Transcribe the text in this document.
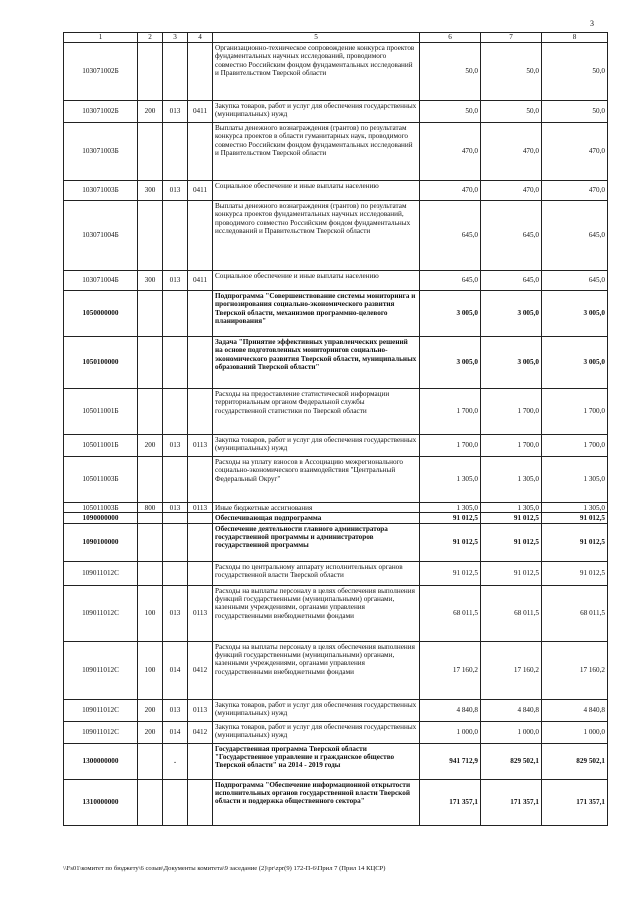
3
1	2	3	4	5	6	7	8
103071002Б				Организационно-техническое сопровождение конкурса проектов фундаментальных научных исследований, проводимого совместно Российским фондом фундаментальных исследований и Правительством Тверской области	50,0	50,0	50,0
103071002Б	200	013	0411	Закупка товаров, работ и услуг для обеспечения государственных (муниципальных) нужд	50,0	50,0	50,0
103071003Б				Выплаты денежного вознаграждения (грантов) по результатам конкурса проектов в области гуманитарных наук, проводимого совместно Российским фондом фундаментальных исследований и Правительством Тверской области	470,0	470,0	470,0
103071003Б	300	013	0411	Социальное обеспечение и иные выплаты населению	470,0	470,0	470,0
103071004Б				Выплаты денежного вознаграждения (грантов) по результатам конкурса проектов фундаментальных научных исследований, проводимого совместно Российским фондом фундаментальных исследований и Правительством Тверской области	645,0	645,0	645,0
103071004Б	300	013	0411	Социальное обеспечение и иные выплаты населению	645,0	645,0	645,0
1050000000				Подпрограмма "Совершенствование системы мониторинга и прогнозирования социально-экономического развития Тверской области, механизмов программно-целевого планирования"	3 005,0	3 005,0	3 005,0
1050100000				Задача "Принятие эффективных управленческих решений на основе подготовленных мониторингов социально-экономического развития Тверской области, муниципальных образований Тверской области"	3 005,0	3 005,0	3 005,0
105011001Б				Расходы на предоставление статистической информации территориальным органом Федеральной службы государственной статистики по Тверской области	1 700,0	1 700,0	1 700,0
105011001Б	200	013	0113	Закупка товаров, работ и услуг для обеспечения государственных (муниципальных) нужд	1 700,0	1 700,0	1 700,0
105011003Б				Расходы на уплату взносов в Ассоциацию межрегионального социально-экономического взаимодействия "Центральный Федеральный Округ"	1 305,0	1 305,0	1 305,0
105011003Б	800	013	0113	Иные бюджетные ассигнования	1 305,0	1 305,0	1 305,0
1090000000				Обеспечивающая подпрограмма	91 012,5	91 012,5	91 012,5
1090100000				Обеспечение деятельности главного администратора государственной программы и администраторов государственной программы	91 012,5	91 012,5	91 012,5
109011012С				Расходы по центральному аппарату исполнительных органов государственной власти Тверской области	91 012,5	91 012,5	91 012,5
109011012С	100	013	0113	Расходы на выплаты персоналу в целях обеспечения выполнения функций государственными (муниципальными) органами, казенными учреждениями, органами управления государственными внебюджетными фондами	68 011,5	68 011,5	68 011,5
109011012С	100	014	0412	Расходы на выплаты персоналу в целях обеспечения выполнения функций государственными (муниципальными) органами, казенными учреждениями, органами управления государственными внебюджетными фондами	17 160,2	17 160,2	17 160,2
109011012С	200	013	0113	Закупка товаров, работ и услуг для обеспечения государственных (муниципальных) нужд	4 840,8	4 840,8	4 840,8
109011012С	200	014	0412	Закупка товаров, работ и услуг для обеспечения государственных (муниципальных) нужд	1 000,0	1 000,0	1 000,0
1300000000		.		Государственная программа Тверской области "Государственное управление и гражданское общество Тверской области" на 2014 - 2019 годы	941 712,9	829 502,1	829 502,1
1310000000				Подпрограмма "Обеспечение информационной открытости исполнительных органов государственной власти Тверской области и поддержка общественного сектора"	171 357,1	171 357,1	171 357,1
\\Fs01\комитет по бюджету\6 созыв\Документы комитета\9 заседание (2)\pr\zpr(9) 172-П-6\Прил 7 (Прил 14 КЦСР)
